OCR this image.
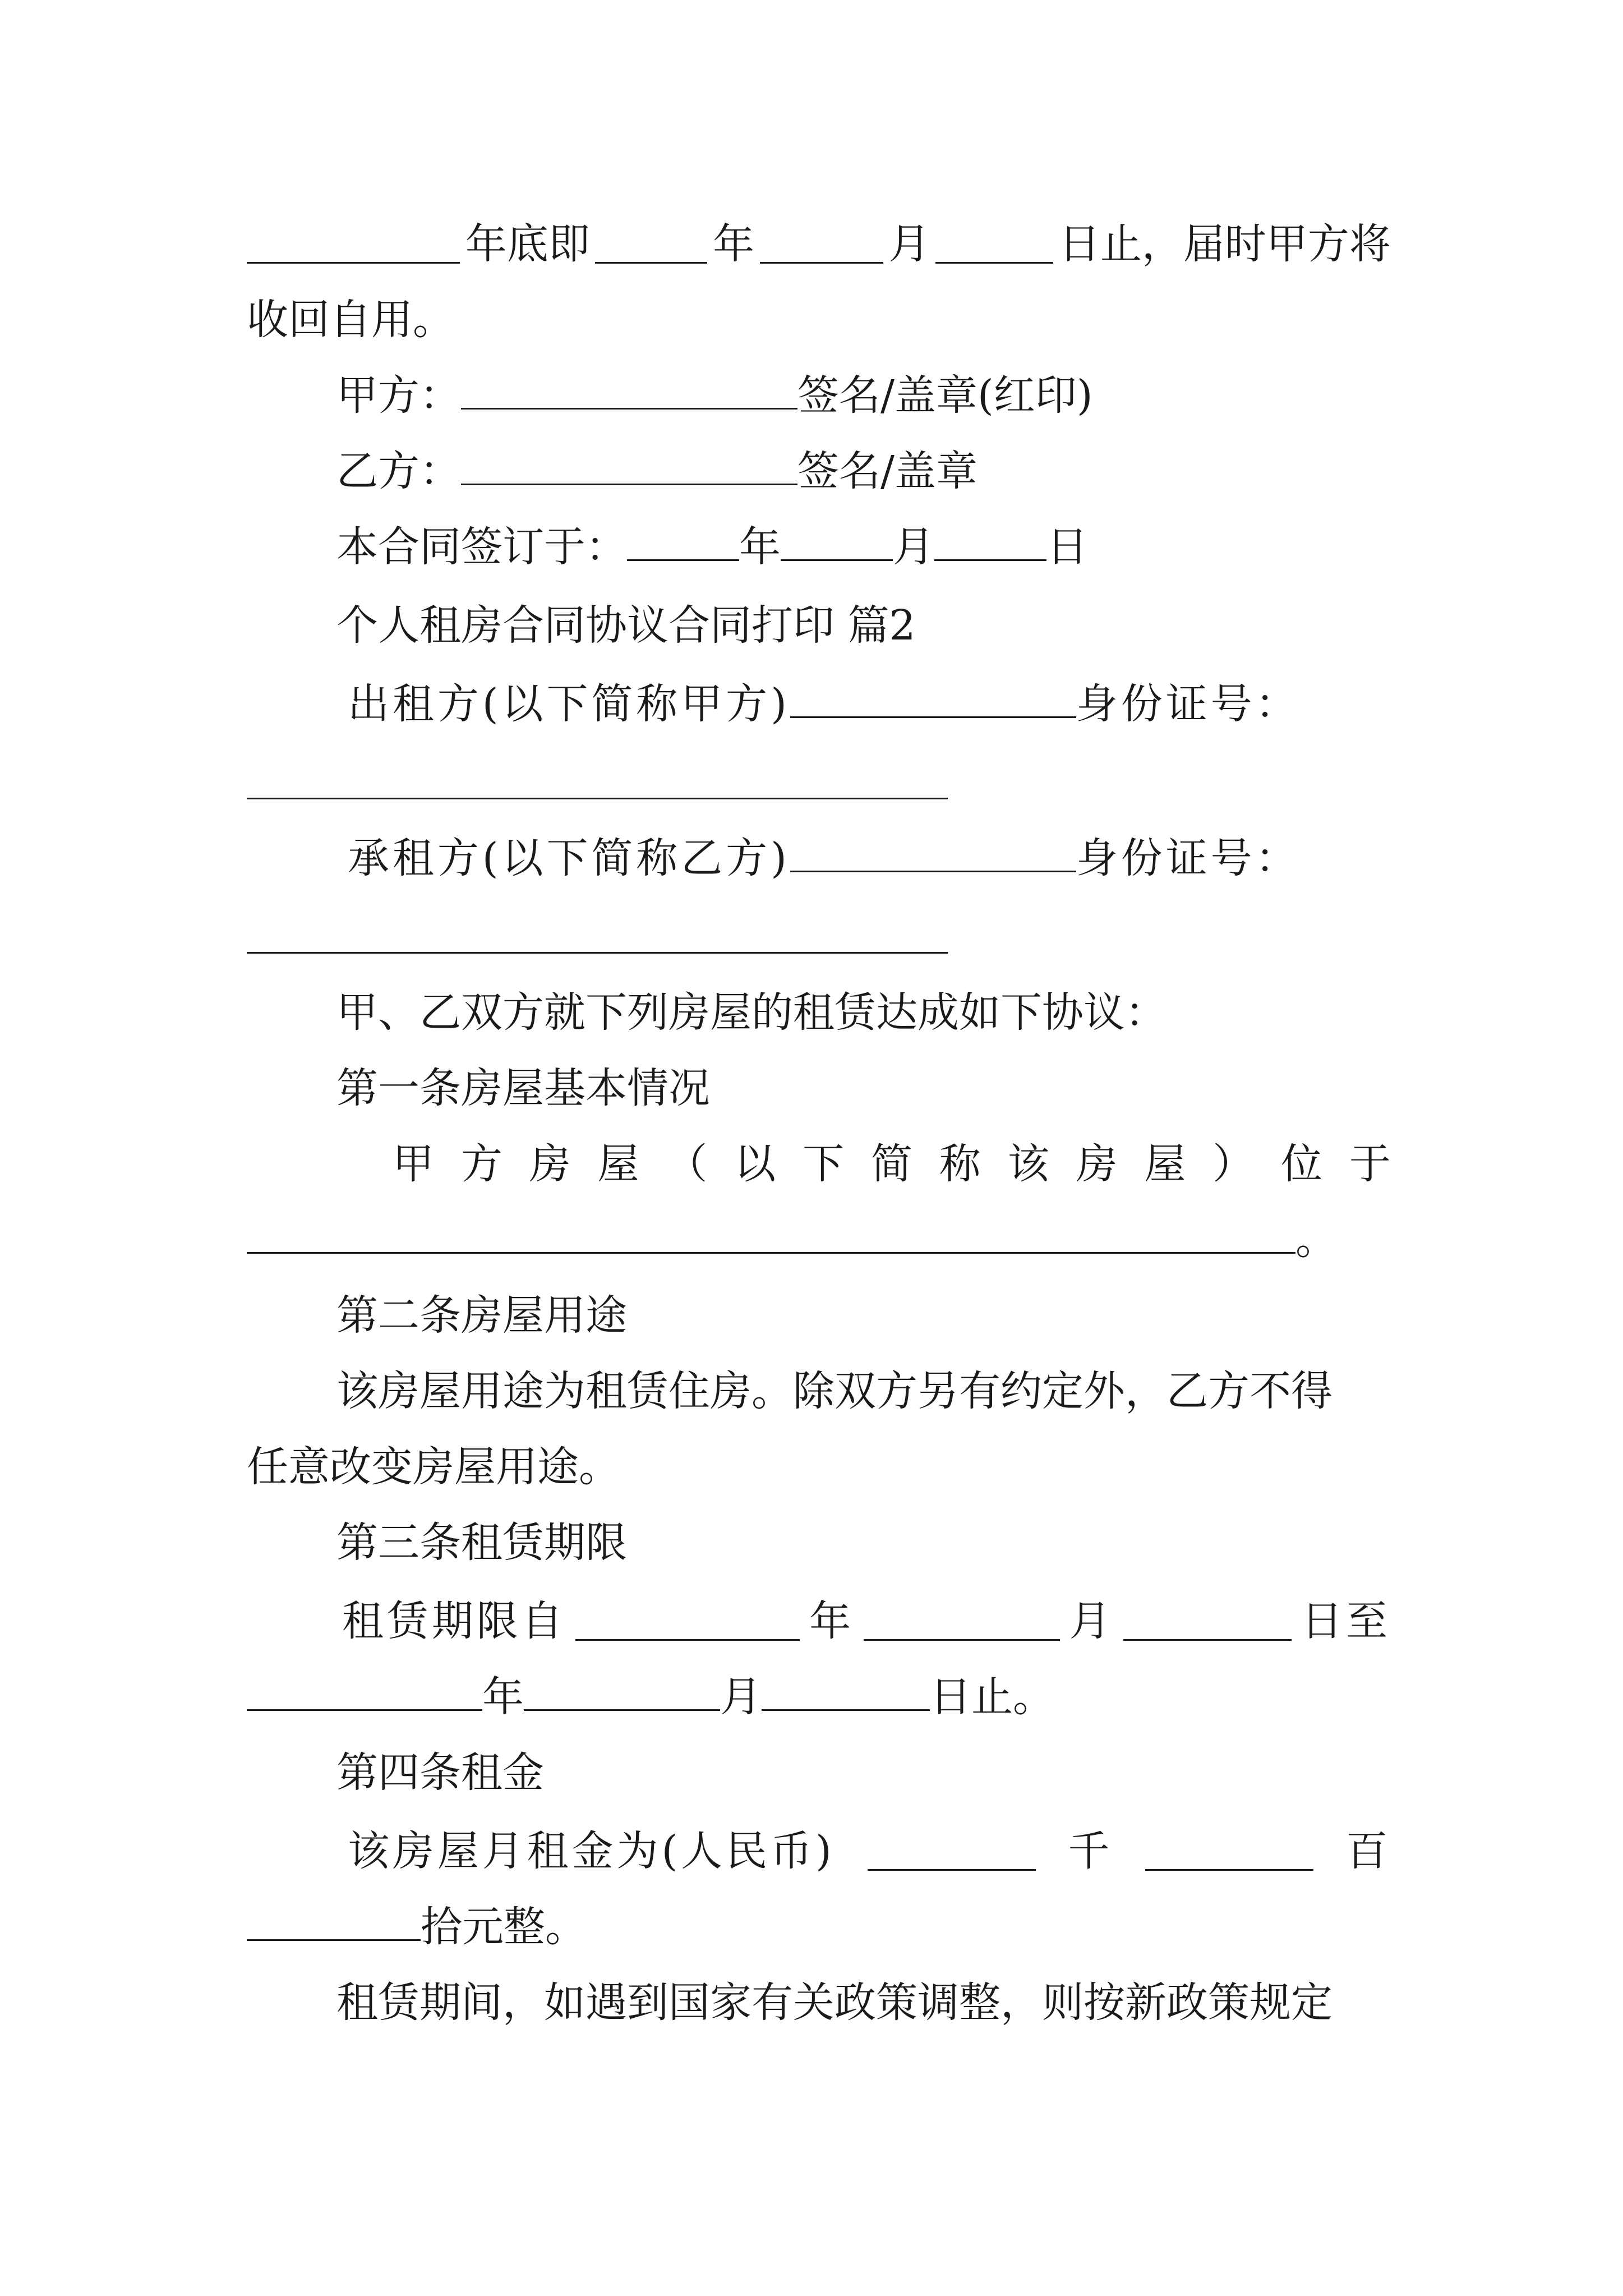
年底即	年	月	日止，届时甲方将
收回自用。
甲方：	签名/盖章(红印)
乙方：	签名/盖章
本合同签订于：	年	月	日
个人租房合同协议合同打印 篇2
出租方(以下简称甲方)	身份证号：
承租方(以下简称乙方)	身份证号：
甲、乙双方就下列房屋的租赁达成如下协议：
第一条房屋基本情况
甲 方 房 屋 （ 以 下 简 称 该 房 屋 ） 位 于
。
第二条房屋用途
该房屋用途为租赁住房。除双方另有约定外，乙方不得
任意改变房屋用途。
第三条租赁期限
租赁期限自	年	月	日至
年	月	日止。
第四条租金
该房屋月租金为(人民币)	千	百
拾元整。
租赁期间，如遇到国家有关政策调整，则按新政策规定
